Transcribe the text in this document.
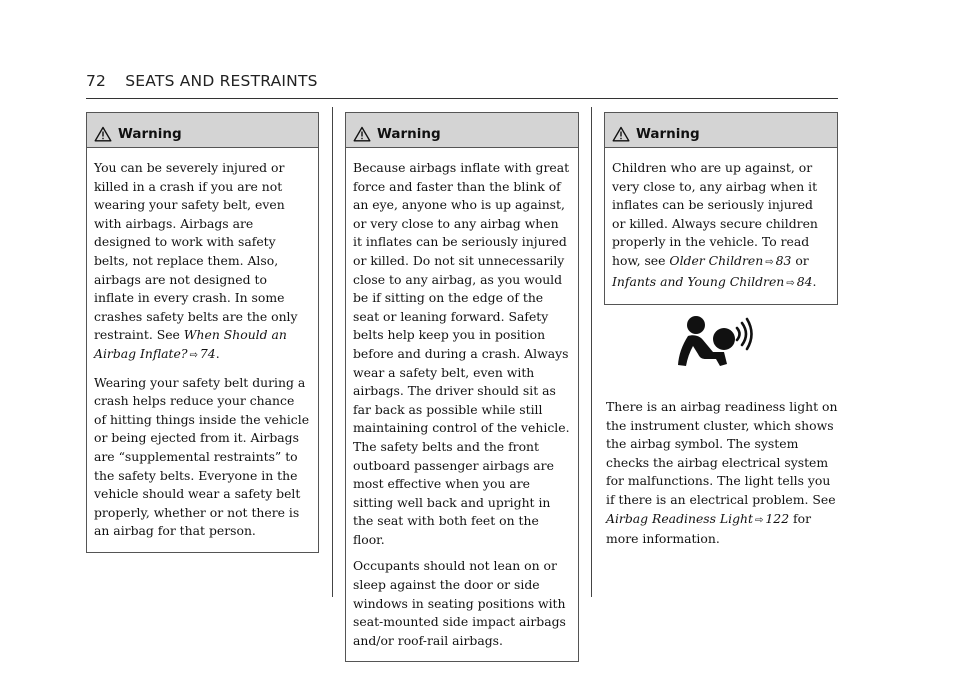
72 SEATS AND RESTRAINTS
Warning

You can be severely injured or killed in a crash if you are not wearing your safety belt, even with airbags. Airbags are designed to work with safety belts, not replace them. Also, airbags are not designed to inflate in every crash. In some crashes safety belts are the only restraint. See When Should an Airbag Inflate? ⇨ 74.

Wearing your safety belt during a crash helps reduce your chance of hitting things inside the vehicle or being ejected from it. Airbags are “supplemental restraints” to the safety belts. Everyone in the vehicle should wear a safety belt properly, whether or not there is an airbag for that person.

Warning

Because airbags inflate with great force and faster than the blink of an eye, anyone who is up against, or very close to any airbag when it inflates can be seriously injured or killed. Do not sit unnecessarily close to any airbag, as you would be if sitting on the edge of the seat or leaning forward. Safety belts help keep you in position before and during a crash. Always wear a safety belt, even with airbags. The driver should sit as far back as possible while still maintaining control of the vehicle. The safety belts and the front outboard passenger airbags are most effective when you are sitting well back and upright in the seat with both feet on the floor.

Occupants should not lean on or sleep against the door or side windows in seating positions with seat-mounted side impact airbags and/or roof-rail airbags.

Warning

Children who are up against, or very close to, any airbag when it inflates can be seriously injured or killed. Always secure children properly in the vehicle. To read how, see Older Children ⇨ 83 or Infants and Young Children ⇨ 84.

There is an airbag readiness light on the instrument cluster, which shows the airbag symbol. The system checks the airbag electrical system for malfunctions. The light tells you if there is an electrical problem. See Airbag Readiness Light ⇨ 122 for more information.
